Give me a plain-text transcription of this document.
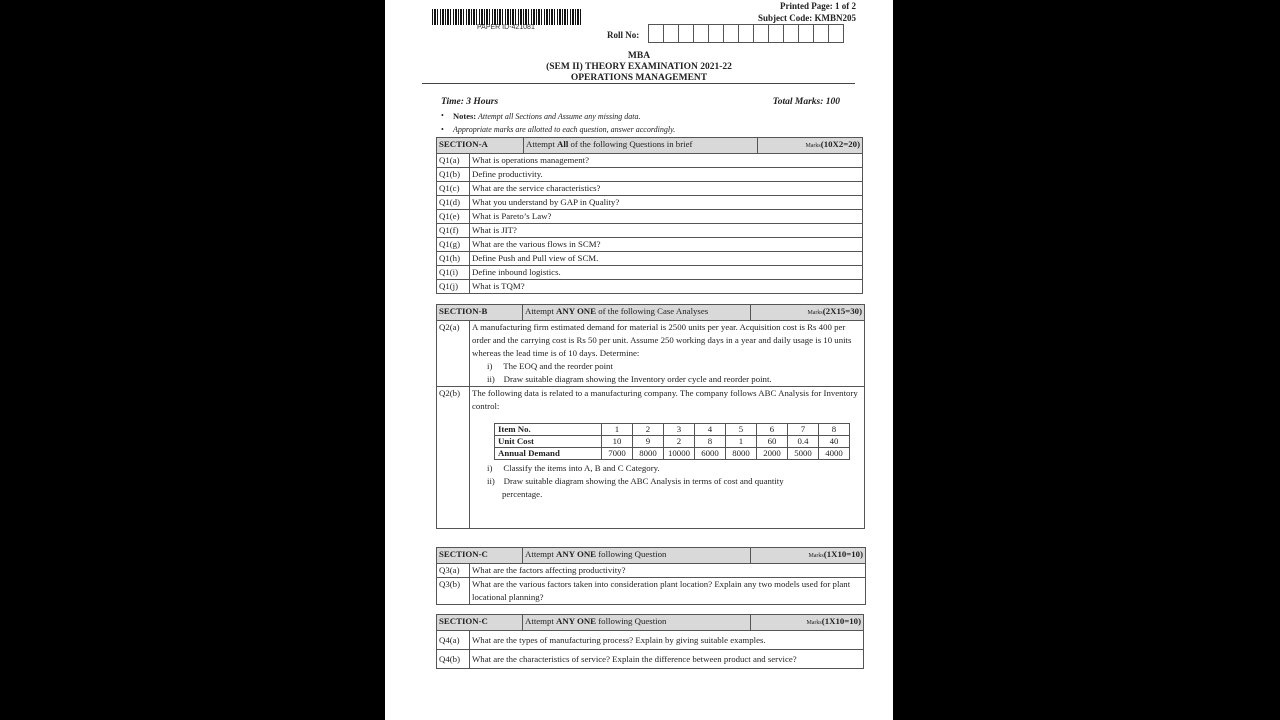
PAPER ID-421081
Printed Page: 1 of 2
Subject Code: KMBN205
Roll No:
MBA
(SEM II) THEORY EXAMINATION 2021-22
OPERATIONS MANAGEMENT
Time: 3 Hours	Total Marks: 100
• Notes: Attempt all Sections and Assume any missing data.
• Appropriate marks are allotted to each question, answer accordingly.
SECTION-A		Attempt All of the following Questions in brief	Marks(10X2=20)
Q1(a)	What is operations management?		
Q1(b)	Define productivity.		
Q1(c)	What are the service characteristics?		
Q1(d)	What you understand by GAP in Quality?		
Q1(e)	What is Pareto’s Law?		
Q1(f)	What is JIT?		
Q1(g)	What are the various flows in SCM?		
Q1(h)	Define Push and Pull view of SCM.		
Q1(i)	Define inbound logistics.		
Q1(j)	What is TQM?		
SECTION-B	Attempt ANY ONE of the following Case Analyses	Marks(2X15=30)
Q2(a)	A manufacturing firm estimated demand for material is 2500 units per year. Acquisition cost is Rs 400 per order and the carrying cost is Rs 50 per unit. Assume 250 working days in a year and daily usage is 10 units whereas the lead time is of 10 days. Determine:
i)     The EOQ and the reorder point
ii)    Draw suitable diagram showing the Inventory order cycle and reorder point.

Q2(b)	The following data is related to a manufacturing company. The company follows ABC Analysis for Inventory control:
Item No.	1	2	3	4	5	6	7	8
Unit Cost	10	9	2	8	1	60	0.4	40
Annual Demand	7000	8000	10000	6000	8000	2000	5000	4000
i)     Classify the items into A, B and C Category.
ii)    Draw suitable diagram showing the ABC Analysis in terms of cost and quantity
percentage.
SECTION-C		Attempt ANY ONE following Question	Marks(1X10=10)
Q3(a)	What are the factors affecting productivity?		
Q3(b)	What are the various factors taken into consideration plant location? Explain any two models used for plant locational planning?		
SECTION-C		Attempt ANY ONE following Question	Marks(1X10=10)
Q4(a)	What are the types of manufacturing process? Explain by giving suitable examples.		
Q4(b)	What are the characteristics of service? Explain the difference between product and service?		
